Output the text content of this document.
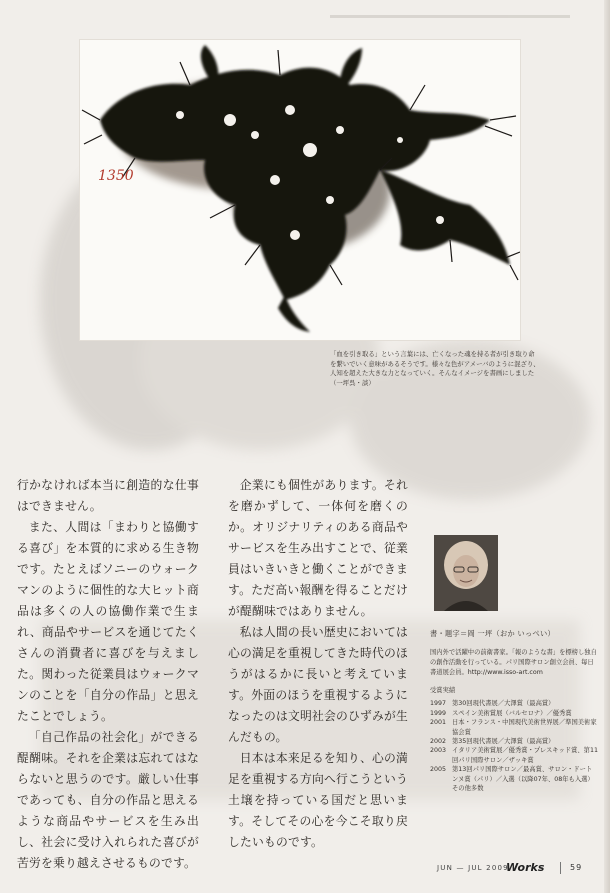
1350
「血を引き取る」という言葉には、亡くなった魂を持る者が引き取り命を繋いでいく意味があるそうです。様々な色がアメーバのように混ざり、人知を超えた大きな力となっていく。そんなイメージを書画にしました（一坪呉・談）

行かなければ本当に創造的な仕事はできません。

また、人間は「まわりと協働する喜び」を本質的に求める生き物です。たとえばソニーのウォークマンのように個性的な大ヒット商品は多くの人の協働作業で生まれ、商品やサービスを通じてたくさんの消費者に喜びを与えました。関わった従業員はウォークマンのことを「自分の作品」と思えたことでしょう。

「自己作品の社会化」ができる醍醐味。それを企業は忘れてはならないと思うのです。厳しい仕事であっても、自分の作品と思えるような商品やサービスを生み出し、社会に受け入れられた喜びが苦労を乗り越えさせるものです。

企業にも個性があります。それを磨かずして、一体何を磨くのか。オリジナリティのある商品やサービスを生み出すことで、従業員はいきいきと働くことができます。ただ高い報酬を得ることだけが醍醐味ではありません。

私は人間の長い歴史においては心の満足を重視してきた時代のほうがはるかに長いと考えています。外面のほうを重視するようになったのは文明社会のひずみが生んだもの。

日本は本来足るを知り、心の満足を重視する方向へ行こうという土壌を持っている国だと思います。そしてその心を今こそ取り戻したいものです。

書・題字＝岡 一坪（おか いっぺい）
国内外で活躍中の前衛書家。「報のような書」を標榜し独自の創作活動を行っている。パリ国際サロン創立会員、毎日書道展会員。http://www.isso-art.com
受賞実績
1997 第30回現代書展／大澤賞（最高賞）
1999 スペイン美術賞展（バルセロナ）／優秀賞
2001 日本・フランス・中国現代美術世界展／準国美術家協会賞
2002 第35回現代書展／大澤賞（最高賞）
2003 イタリア美術賞展／優秀賞・プレスキッド賞、第11回パリ国際サロン／ザッキ賞
2005 第13回パリ国際サロン／最高賞、サロン・ドートンヌ賞（パリ）／入選（以降07年、08年も入選）その他多数
JUN — JUL 2009
Works	59
